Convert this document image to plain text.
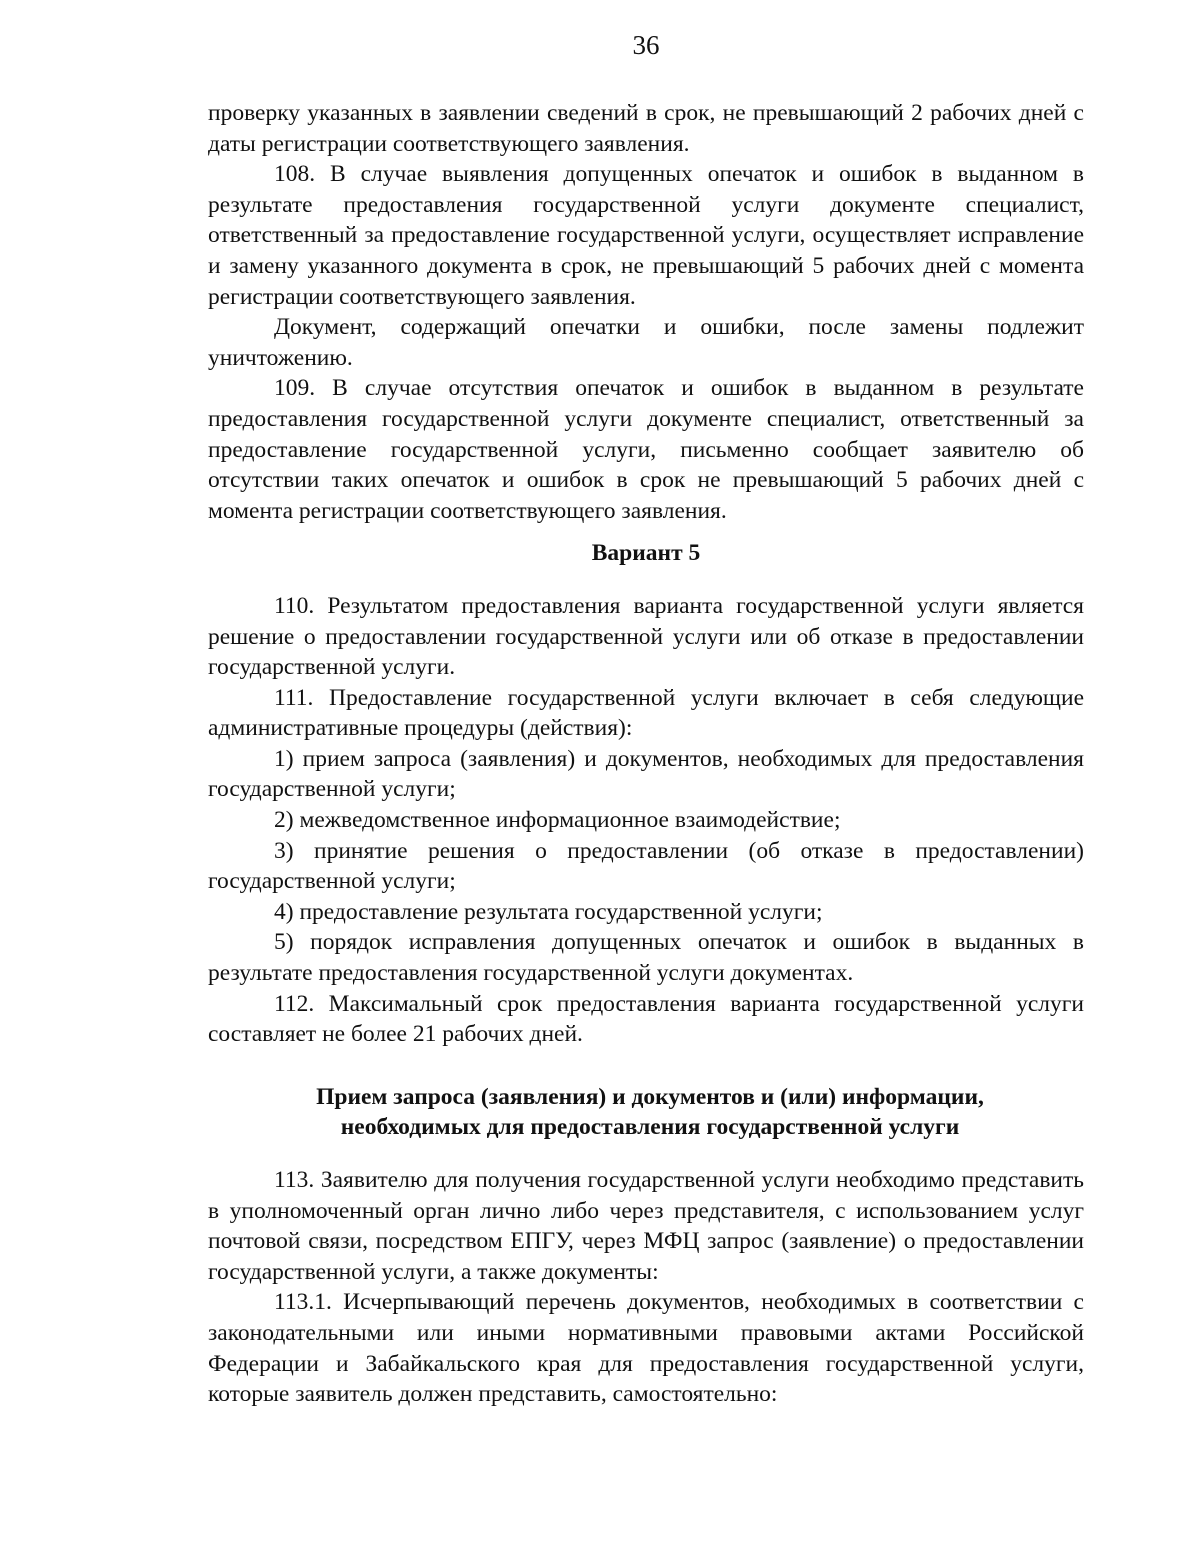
36

проверку указанных в заявлении сведений в срок, не превышающий 2 рабочих дней с даты регистрации соответствующего заявления.

108. В случае выявления допущенных опечаток и ошибок в выданном в результате предоставления государственной услуги документе специалист, ответственный за предоставление государственной услуги, осуществляет исправление и замену указанного документа в срок, не превышающий 5 рабочих дней с момента регистрации соответствующего заявления.

Документ, содержащий опечатки и ошибки, после замены подлежит уничтожению.

109. В случае отсутствия опечаток и ошибок в выданном в результате предоставления государственной услуги документе специалист, ответственный за предоставление государственной услуги, письменно сообщает заявителю об отсутствии таких опечаток и ошибок в срок не превышающий 5 рабочих дней с момента регистрации соответствующего заявления.

Вариант 5

110. Результатом предоставления варианта государственной услуги является решение о предоставлении государственной услуги или об отказе в предоставлении государственной услуги.

111. Предоставление государственной услуги включает в себя следующие административные процедуры (действия):

1) прием запроса (заявления) и документов, необходимых для предоставления государственной услуги;

2) межведомственное информационное взаимодействие;

3) принятие решения о предоставлении (об отказе в предоставлении) государственной услуги;

4) предоставление результата государственной услуги;

5) порядок исправления допущенных опечаток и ошибок в выданных в результате предоставления государственной услуги документах.

112. Максимальный срок предоставления варианта государственной услуги составляет не более 21 рабочих дней.

Прием запроса (заявления) и документов и (или) информации,
необходимых для предоставления государственной услуги

113. Заявителю для получения государственной услуги необходимо представить в уполномоченный орган лично либо через представителя, с использованием услуг почтовой связи, посредством ЕПГУ, через МФЦ запрос (заявление) о предоставлении государственной услуги, а также документы:

113.1. Исчерпывающий перечень документов, необходимых в соответствии с законодательными или иными нормативными правовыми актами Российской Федерации и Забайкальского края для предоставления государственной услуги, которые заявитель должен представить, самостоятельно:
